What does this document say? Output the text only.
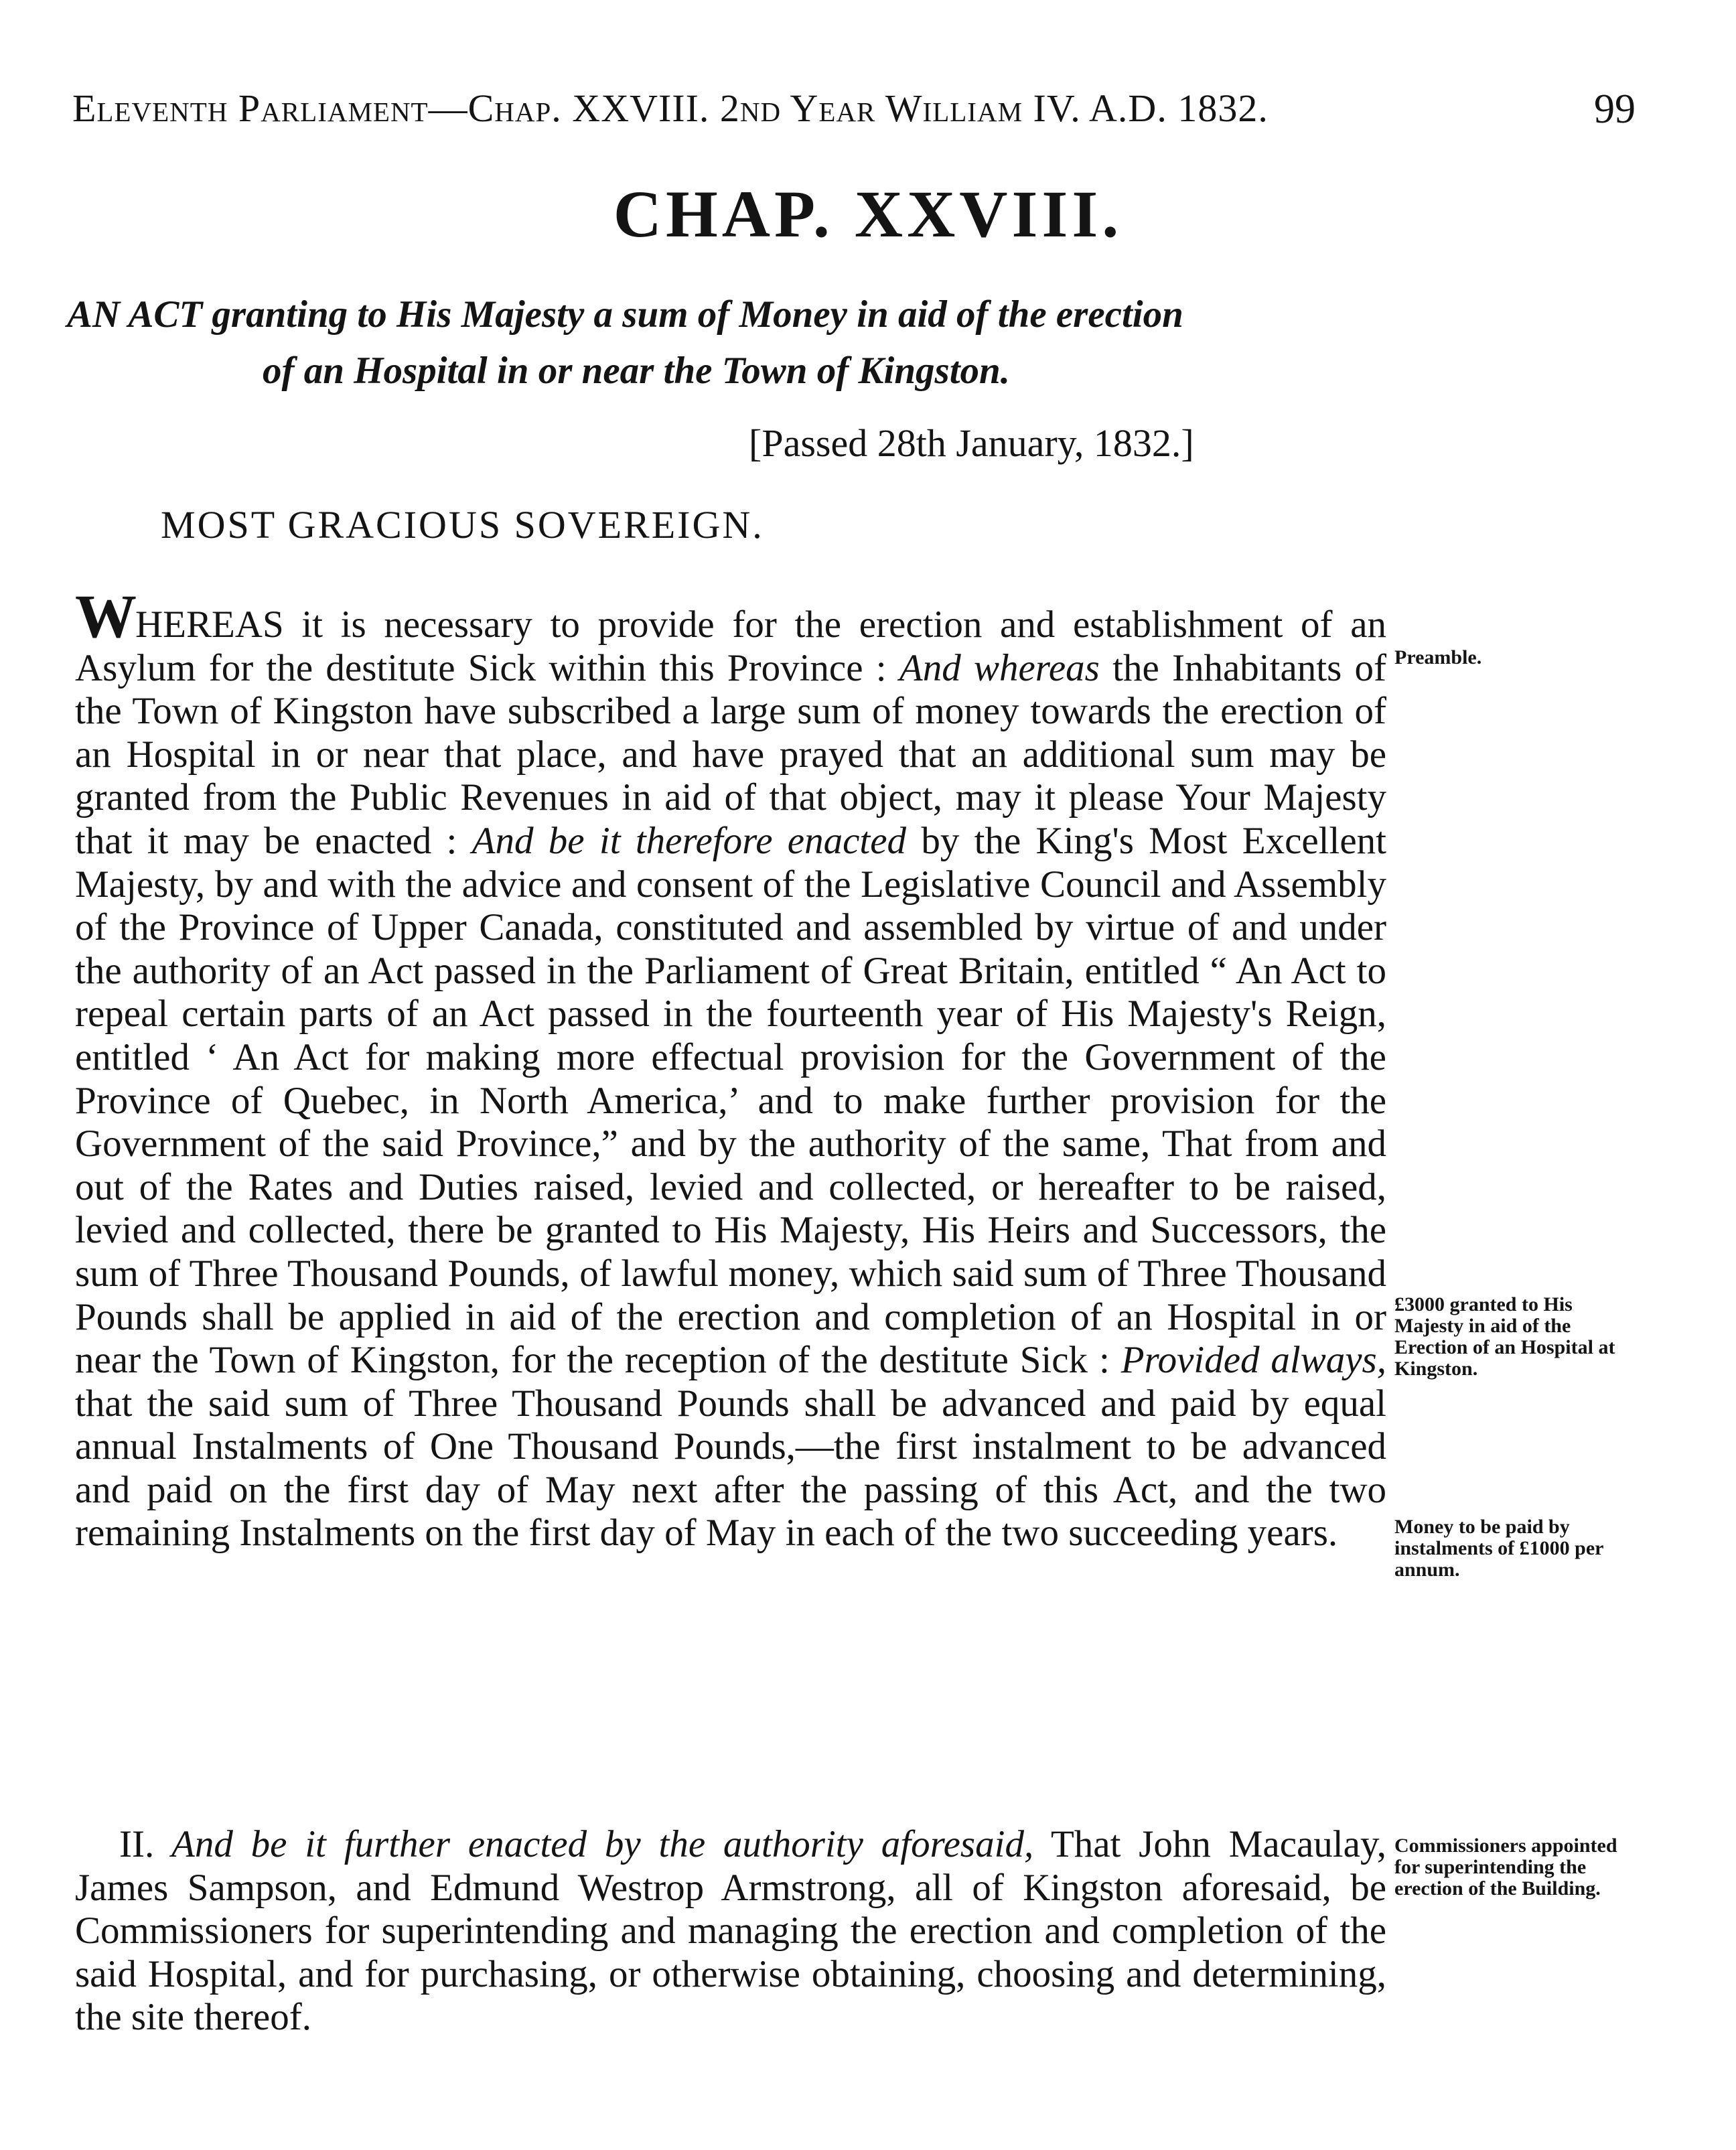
Eleventh Parliament—Chap. XXVIII. 2nd Year William IV. A.D. 1832.	99
CHAP. XXVIII.
AN ACT granting to His Majesty a sum of Money in aid of the erection
of an Hospital in or near the Town of Kingston.
[Passed 28th January, 1832.]
MOST GRACIOUS SOVEREIGN.
WHEREAS it is necessary to provide for the erection and establishment of an Asylum for the destitute Sick within this Province : And whereas the Inhabitants of the Town of Kingston have subscribed a large sum of money towards the erection of an Hospital in or near that place, and have prayed that an additional sum may be granted from the Public Revenues in aid of that object, may it please Your Majesty that it may be enacted : And be it therefore enacted by the King's Most Excellent Majesty, by and with the advice and consent of the Legislative Council and Assembly of the Province of Upper Canada, constituted and assembled by virtue of and under the authority of an Act passed in the Parliament of Great Britain, entitled “ An Act to repeal certain parts of an Act passed in the fourteenth year of His Majesty's Reign, entitled ‘ An Act for making more effectual provision for the Government of the Province of Quebec, in North America,’ and to make further provision for the Government of the said Province,” and by the authority of the same, That from and out of the Rates and Duties raised, levied and collected, or hereafter to be raised, levied and collected, there be granted to His Majesty, His Heirs and Successors, the sum of Three Thousand Pounds, of lawful money, which said sum of Three Thousand Pounds shall be applied in aid of the erection and completion of an Hospital in or near the Town of Kingston, for the reception of the destitute Sick : Provided always, that the said sum of Three Thousand Pounds shall be advanced and paid by equal annual Instalments of One Thousand Pounds,—the first instalment to be advanced and paid on the first day of May next after the passing of this Act, and the two remaining Instalments on the first day of May in each of the two succeeding years.
II. And be it further enacted by the authority aforesaid, That John Macaulay, James Sampson, and Edmund Westrop Armstrong, all of Kingston aforesaid, be Commissioners for superintending and managing the erection and completion of the said Hospital, and for purchasing, or otherwise obtaining, choosing and determining, the site thereof.
Preamble.
£3000 granted to His Majesty in aid of the Erection of an Hospital at Kingston.
Money to be paid by instalments of £1000 per annum.
Commissioners appointed for superintending the erection of the Building.
